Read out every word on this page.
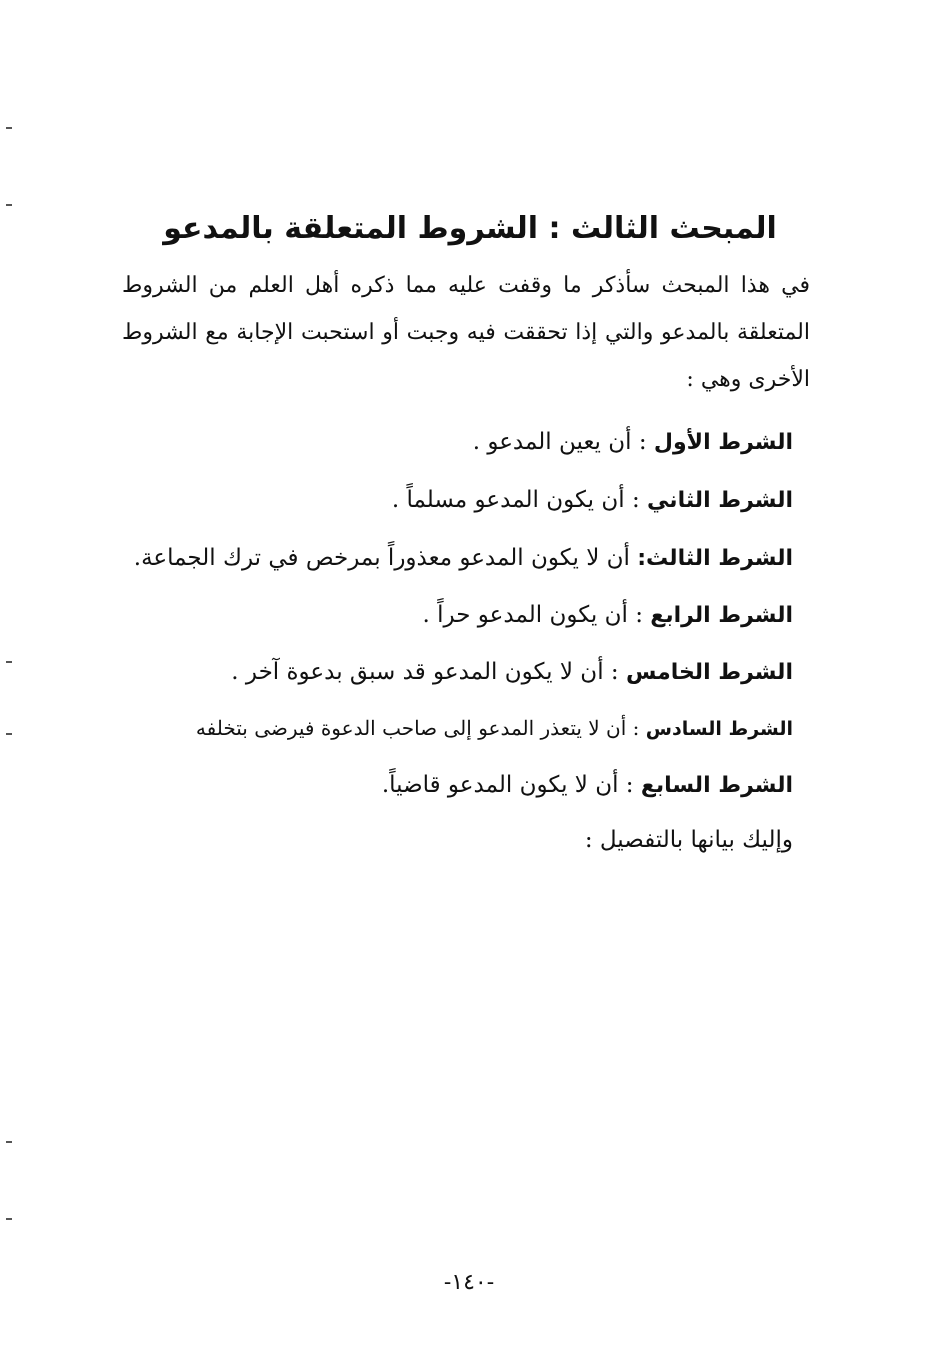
المبحث الثالث : الشروط المتعلقة بالمدعو

في هذا المبحث سأذكر ما وقفت عليه مما ذكره أهل العلم من الشروط المتعلقة بالمدعو والتي إذا تحققت فيه وجبت أو استحبت الإجابة مع الشروط الأخرى وهي :

الشرط الأول : أن يعين المدعو .

الشرط الثاني : أن يكون المدعو مسلماً .

الشرط الثالث: أن لا يكون المدعو معذوراً بمرخص في ترك الجماعة.

الشرط الرابع : أن يكون المدعو حراً .

الشرط الخامس : أن لا يكون المدعو قد سبق بدعوة آخر .

الشرط السادس : أن لا يتعذر المدعو إلى صاحب الدعوة فيرضى بتخلفه

الشرط السابع : أن لا يكون المدعو قاضياً.

وإليك بيانها بالتفصيل :

-١٤٠-
